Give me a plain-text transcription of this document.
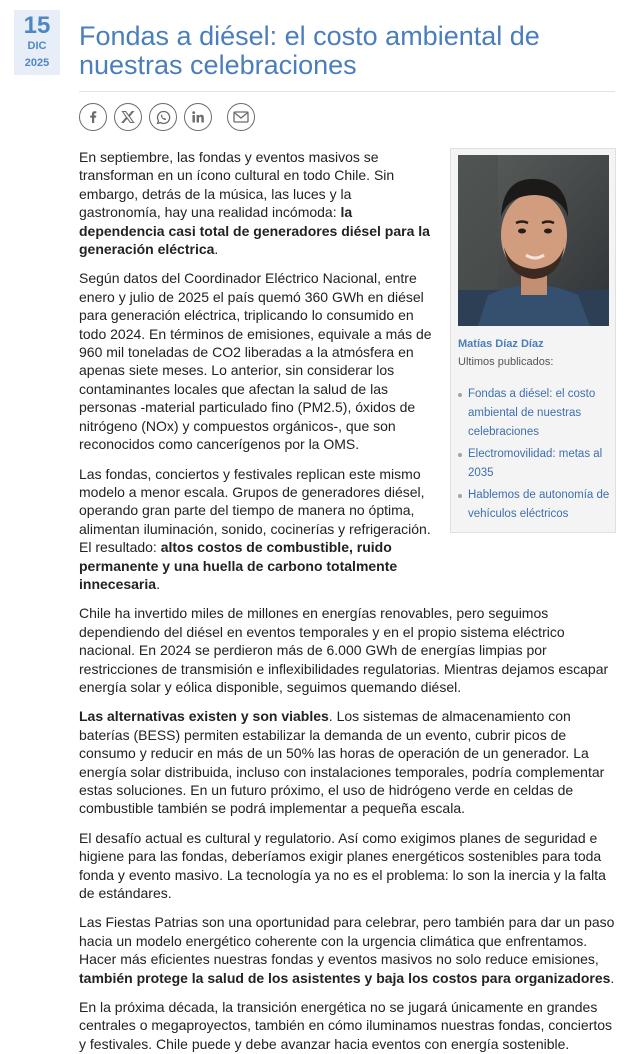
15
DIC
2025
Fondas a diésel: el costo ambiental de nuestras celebraciones
Matías Díaz Díaz
Ultimos publicados:
Fondas a diésel: el costo ambiental de nuestras celebraciones
Electromovilidad: metas al 2035
Hablemos de autonomía de vehículos eléctricos

En septiembre, las fondas y eventos masivos se transforman en un ícono cultural en todo Chile. Sin embargo, detrás de la música, las luces y la gastronomía, hay una realidad incómoda: la dependencia casi total de generadores diésel para la generación eléctrica.

Según datos del Coordinador Eléctrico Nacional, entre enero y julio de 2025 el país quemó 360 GWh en diésel para generación eléctrica, triplicando lo consumido en todo 2024. En términos de emisiones, equivale a más de 960 mil toneladas de CO2 liberadas a la atmósfera en apenas siete meses. Lo anterior, sin considerar los contaminantes locales que afectan la salud de las personas -material particulado fino (PM2.5), óxidos de nitrógeno (NOx) y compuestos orgánicos-, que son reconocidos como cancerígenos por la OMS.

Las fondas, conciertos y festivales replican este mismo modelo a menor escala. Grupos de generadores diésel, operando gran parte del tiempo de manera no óptima, alimentan iluminación, sonido, cocinerías y refrigeración. El resultado: altos costos de combustible, ruido permanente y una huella de carbono totalmente innecesaria.

Chile ha invertido miles de millones en energías renovables, pero seguimos dependiendo del diésel en eventos temporales y en el propio sistema eléctrico nacional. En 2024 se perdieron más de 6.000 GWh de energías limpias por restricciones de transmisión e inflexibilidades regulatorias. Mientras dejamos escapar energía solar y eólica disponible, seguimos quemando diésel.

Las alternativas existen y son viables. Los sistemas de almacenamiento con baterías (BESS) permiten estabilizar la demanda de un evento, cubrir picos de consumo y reducir en más de un 50% las horas de operación de un generador. La energía solar distribuida, incluso con instalaciones temporales, podría complementar estas soluciones. En un futuro próximo, el uso de hidrógeno verde en celdas de combustible también se podrá implementar a pequeña escala.

El desafío actual es cultural y regulatorio. Así como exigimos planes de seguridad e higiene para las fondas, deberíamos exigir planes energéticos sostenibles para toda fonda y evento masivo. La tecnología ya no es el problema: lo son la inercia y la falta de estándares.

Las Fiestas Patrias son una oportunidad para celebrar, pero también para dar un paso hacia un modelo energético coherente con la urgencia climática que enfrentamos. Hacer más eficientes nuestras fondas y eventos masivos no solo reduce emisiones, también protege la salud de los asistentes y baja los costos para organizadores.

En la próxima década, la transición energética no se jugará únicamente en grandes centrales o megaproyectos, también en cómo iluminamos nuestras fondas, conciertos y festivales. Chile puede y debe avanzar hacia eventos con energía sostenible.
